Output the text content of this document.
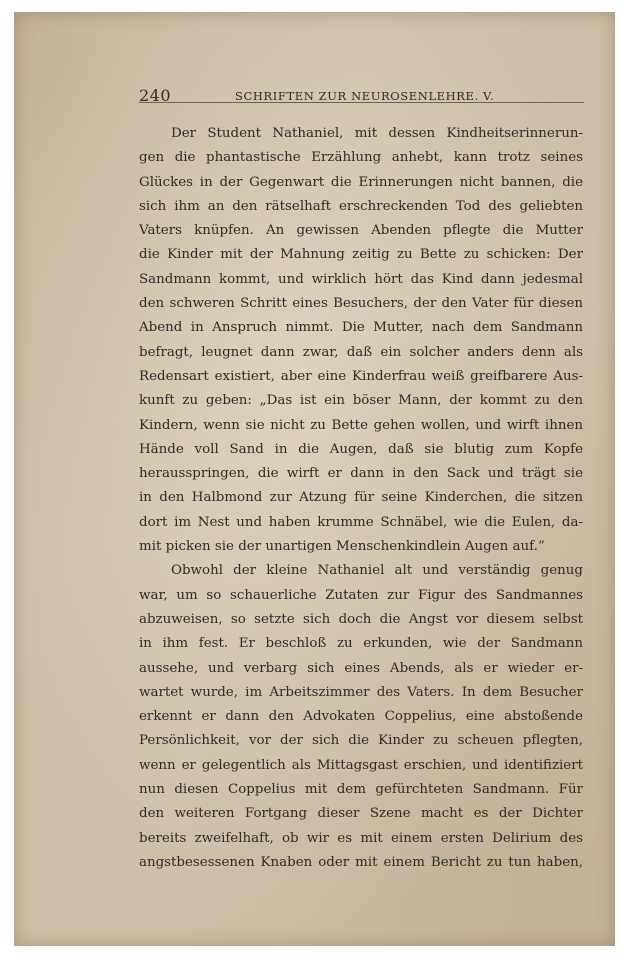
240	SCHRIFTEN ZUR NEUROSENLEHRE. V.
Der Student Nathaniel, mit dessen Kindheitserinnerun-
gen die phantastische Erzählung anhebt, kann trotz seines
Glückes in der Gegenwart die Erinnerungen nicht bannen, die
sich ihm an den rätselhaft erschreckenden Tod des geliebten
Vaters knüpfen. An gewissen Abenden pflegte die Mutter
die Kinder mit der Mahnung zeitig zu Bette zu schicken: Der
Sandmann kommt, und wirklich hört das Kind dann jedesmal
den schweren Schritt eines Besuchers, der den Vater für diesen
Abend in Anspruch nimmt. Die Mutter, nach dem Sandmann
befragt, leugnet dann zwar, daß ein solcher anders denn als
Redensart existiert, aber eine Kinderfrau weiß greifbarere Aus-
kunft zu geben: „Das ist ein böser Mann, der kommt zu den
Kindern, wenn sie nicht zu Bette gehen wollen, und wirft ihnen
Hände voll Sand in die Augen, daß sie blutig zum Kopfe
herausspringen, die wirft er dann in den Sack und trägt sie
in den Halbmond zur Atzung für seine Kinderchen, die sitzen
dort im Nest und haben krumme Schnäbel, wie die Eulen, da-
mit picken sie der unartigen Menschenkindlein Augen auf.“
Obwohl der kleine Nathaniel alt und verständig genug
war, um so schauerliche Zutaten zur Figur des Sandmannes
abzuweisen, so setzte sich doch die Angst vor diesem selbst
in ihm fest. Er beschloß zu erkunden, wie der Sandmann
aussehe, und verbarg sich eines Abends, als er wieder er-
wartet wurde, im Arbeitszimmer des Vaters. In dem Besucher
erkennt er dann den Advokaten Coppelius, eine abstoßende
Persönlichkeit, vor der sich die Kinder zu scheuen pflegten,
wenn er gelegentlich als Mittagsgast erschien, und identifiziert
nun diesen Coppelius mit dem gefürchteten Sandmann. Für
den weiteren Fortgang dieser Szene macht es der Dichter
bereits zweifelhaft, ob wir es mit einem ersten Delirium des
angstbesessenen Knaben oder mit einem Bericht zu tun haben,
